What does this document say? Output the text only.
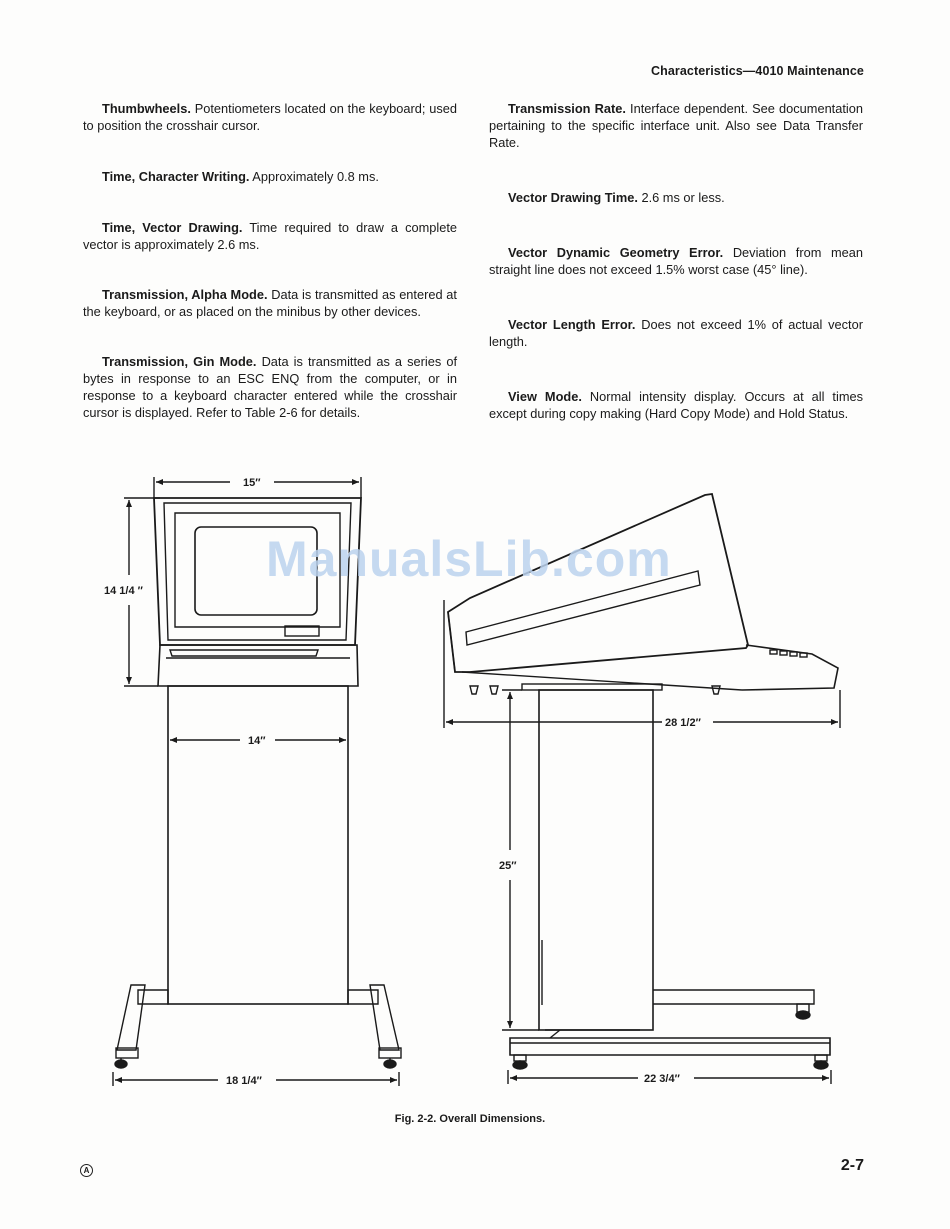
Characteristics—4010 Maintenance

Thumbwheels. Potentiometers located on the keyboard; used to position the crosshair cursor.

Time, Character Writing. Approximately 0.8 ms.

Time, Vector Drawing. Time required to draw a complete vector is approximately 2.6 ms.

Transmission, Alpha Mode. Data is transmitted as entered at the keyboard, or as placed on the minibus by other devices.

Transmission, Gin Mode. Data is transmitted as a series of bytes in response to an ESC ENQ from the computer, or in response to a keyboard character entered while the crosshair cursor is displayed. Refer to Table 2-6 for details.

Transmission Rate. Interface dependent. See documentation pertaining to the specific interface unit. Also see Data Transfer Rate.

Vector Drawing Time. 2.6 ms or less.

Vector Dynamic Geometry Error. Deviation from mean straight line does not exceed 1.5% worst case (45° line).

Vector Length Error. Does not exceed 1% of actual vector length.

View Mode. Normal intensity display. Occurs at all times except during copy making (Hard Copy Mode) and Hold Status.

15″
14 1/4 ″
14″
18 1/4″
28 1/2″
25″
22 3/4″
ManualsLib.com
Fig. 2-2. Overall Dimensions.
A	2-7
